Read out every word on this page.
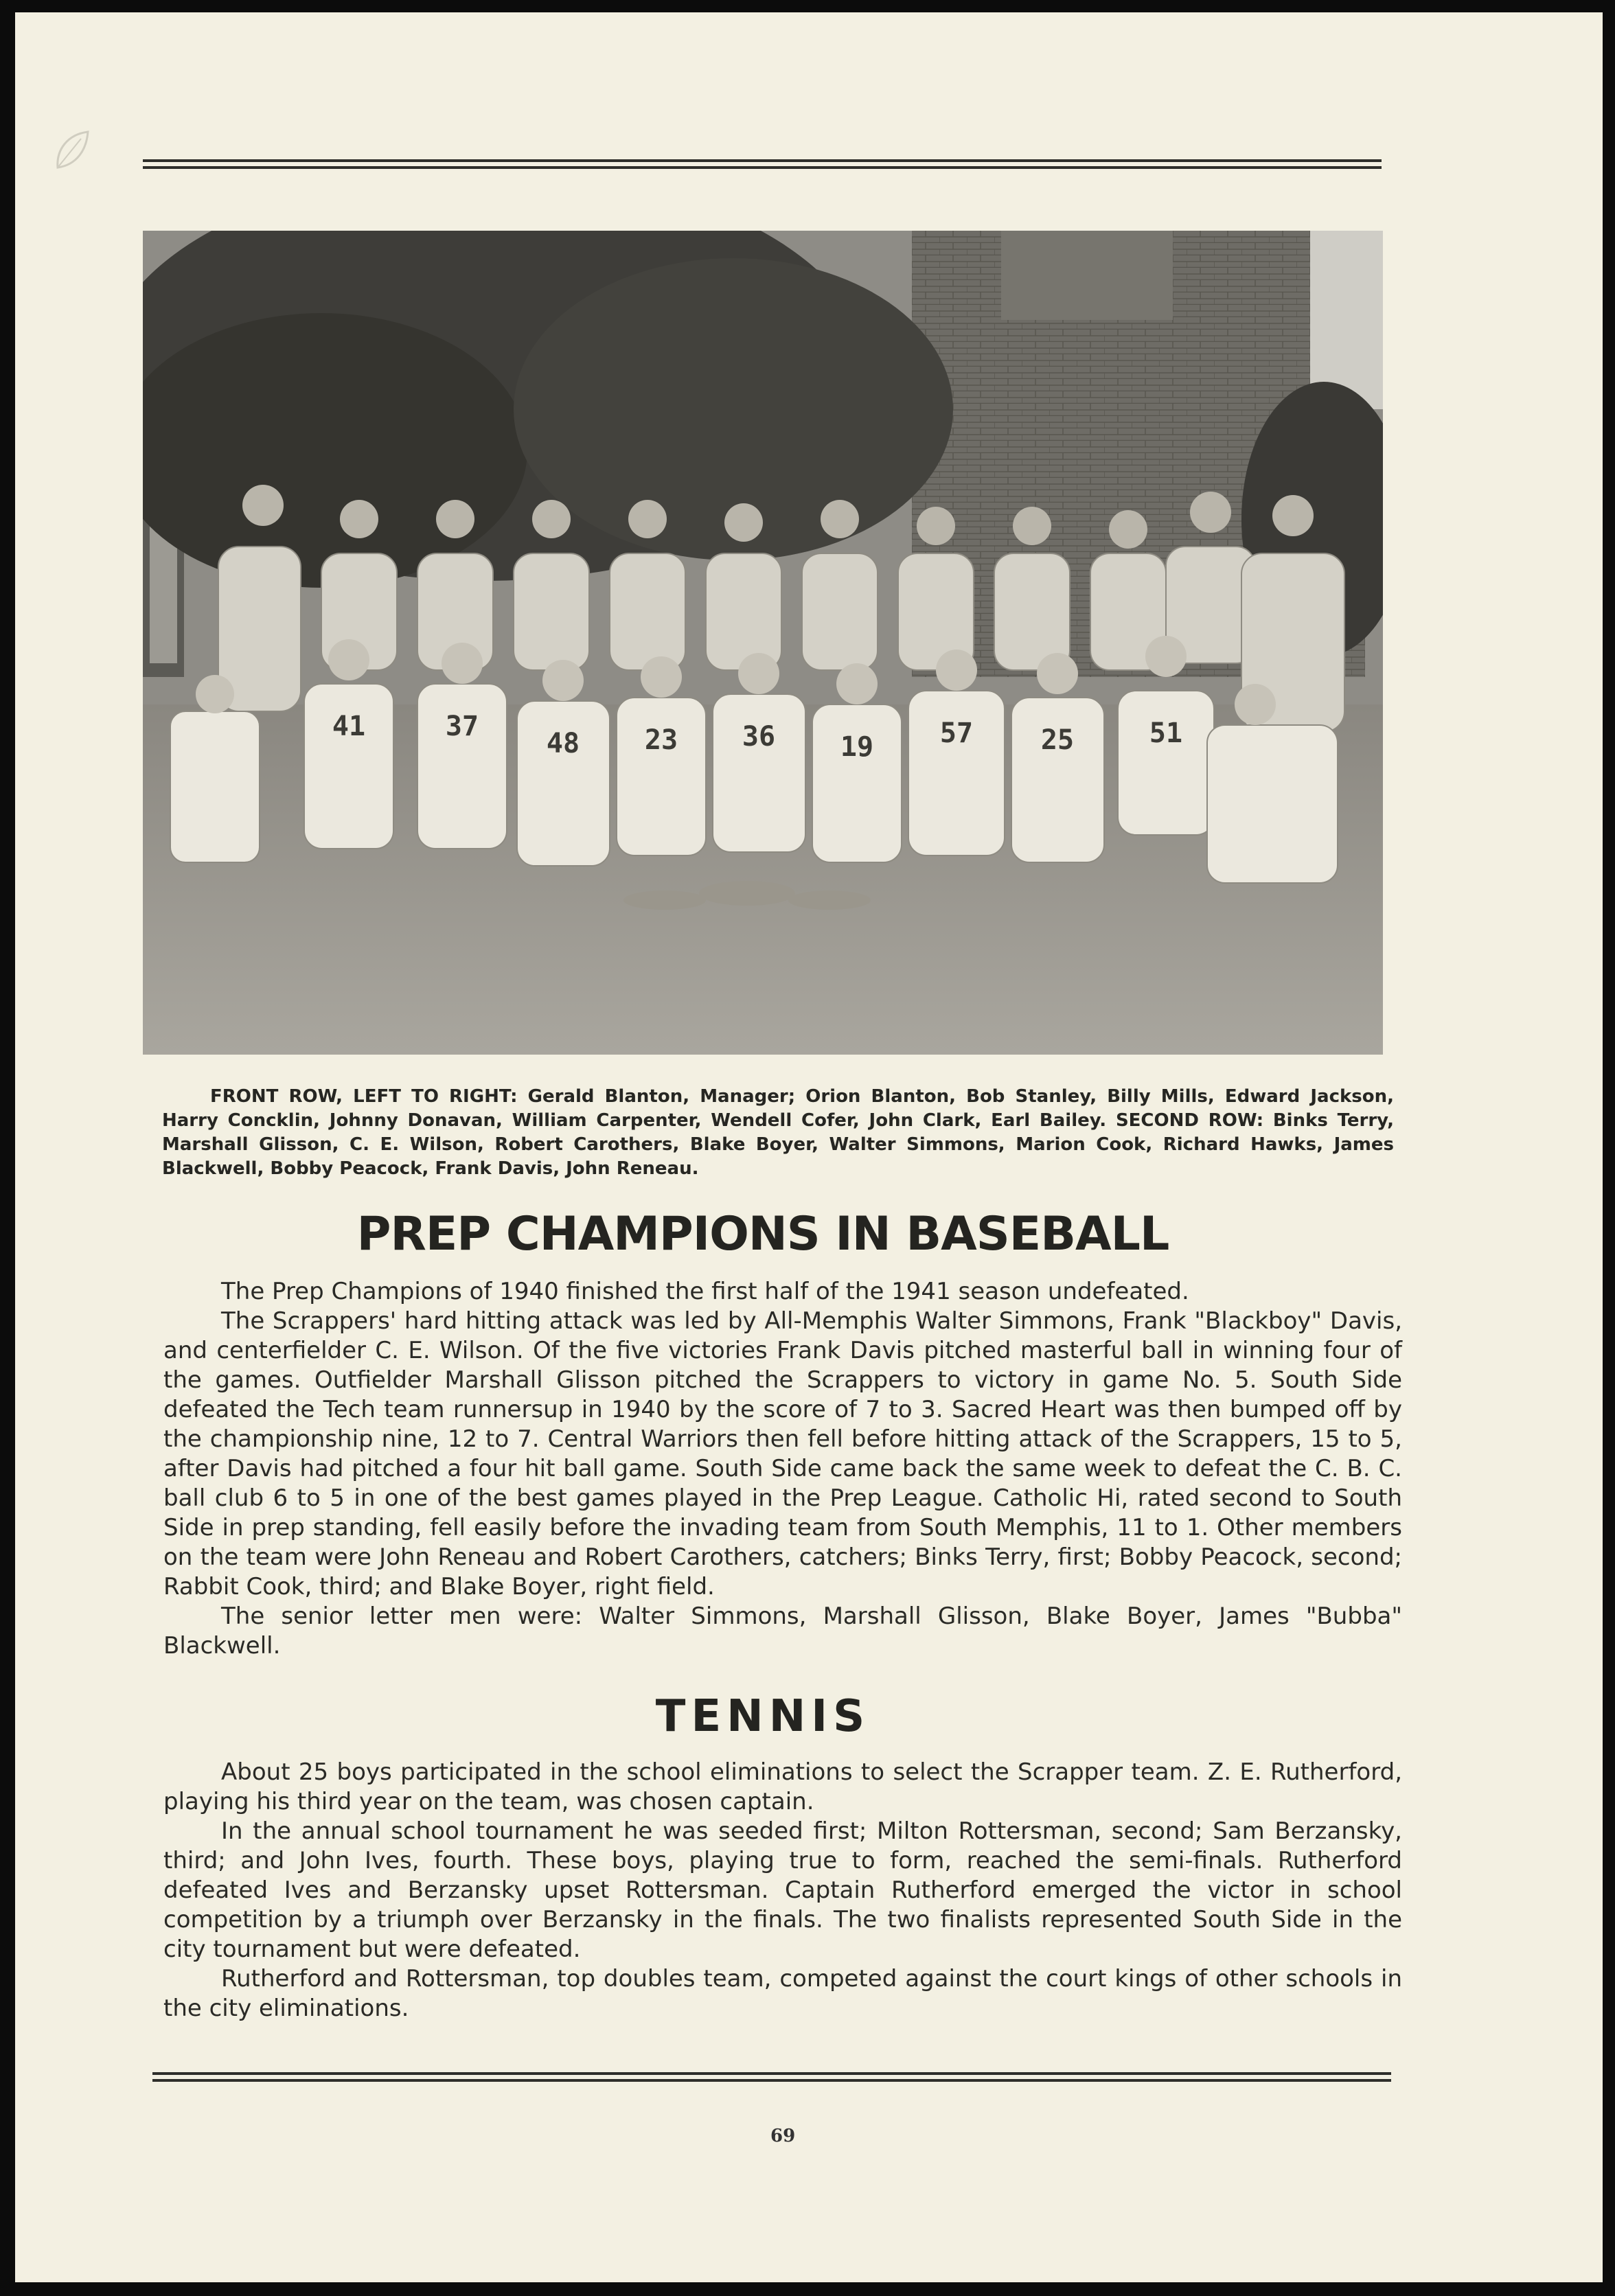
41	37
48 23 36 19 57 25	51
FRONT ROW, LEFT TO RIGHT: Gerald Blanton, Manager; Orion Blanton, Bob Stanley, Billy Mills, Edward Jackson, Harry Concklin, Johnny Donavan, William Carpenter, Wendell Cofer, John Clark, Earl Bailey. SECOND ROW: Binks Terry, Marshall Glisson, C. E. Wilson, Robert Carothers, Blake Boyer, Walter Simmons, Marion Cook, Richard Hawks, James Blackwell, Bobby Peacock, Frank Davis, John Reneau.
PREP CHAMPIONS IN BASEBALL

The Prep Champions of 1940 finished the first half of the 1941 season undefeated.

The Scrappers' hard hitting attack was led by All-Memphis Walter Simmons, Frank "Blackboy" Davis, and centerfielder C. E. Wilson. Of the five victories Frank Davis pitched masterful ball in winning four of the games. Outfielder Marshall Glisson pitched the Scrappers to victory in game No. 5. South Side defeated the Tech team runnersup in 1940 by the score of 7 to 3. Sacred Heart was then bumped off by the championship nine, 12 to 7. Central Warriors then fell before hitting attack of the Scrappers, 15 to 5, after Davis had pitched a four hit ball game. South Side came back the same week to defeat the C. B. C. ball club 6 to 5 in one of the best games played in the Prep League. Catholic Hi, rated second to South Side in prep standing, fell easily before the invading team from South Memphis, 11 to 1. Other members on the team were John Reneau and Robert Carothers, catchers; Binks Terry, first; Bobby Peacock, second; Rabbit Cook, third; and Blake Boyer, right field.

The senior letter men were: Walter Simmons, Marshall Glisson, Blake Boyer, James "Bubba" Blackwell.

TENNIS

About 25 boys participated in the school eliminations to select the Scrapper team. Z. E. Rutherford, playing his third year on the team, was chosen captain.

In the annual school tournament he was seeded first; Milton Rottersman, second; Sam Berzansky, third; and John Ives, fourth. These boys, playing true to form, reached the semi-finals. Rutherford defeated Ives and Berzansky upset Rottersman. Captain Rutherford emerged the victor in school competition by a triumph over Berzansky in the finals. The two finalists represented South Side in the city tournament but were defeated.

Rutherford and Rottersman, top doubles team, competed against the court kings of other schools in the city eliminations.

69
